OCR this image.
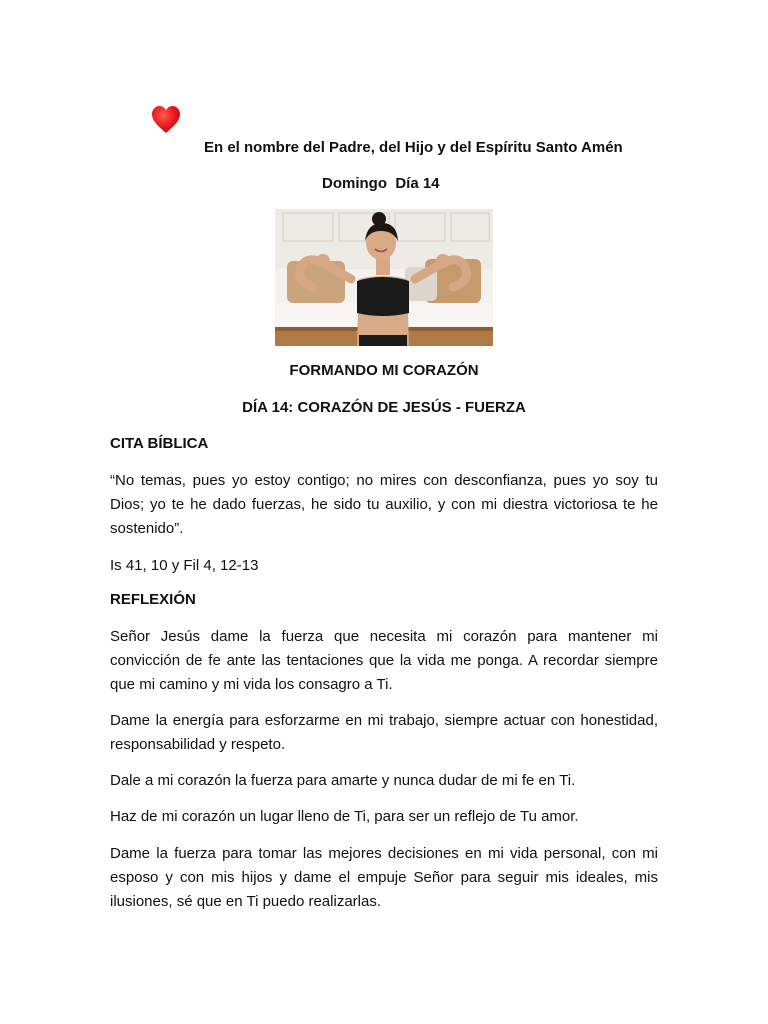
En el nombre del Padre, del Hijo y del Espíritu Santo Amén
Domingo  Día 14
FORMANDO MI CORAZÓN
DÍA 14: CORAZÓN DE JESÚS - FUERZA
CITA BÍBLICA
“No temas, pues yo estoy contigo; no mires con desconfianza, pues yo soy tu Dios; yo te he dado fuerzas, he sido tu auxilio, y con mi diestra victoriosa te he sostenido”.
Is 41, 10 y Fil 4, 12-13
REFLEXIÓN
Señor Jesús dame la fuerza que necesita mi corazón para mantener mi convicción de fe ante las tentaciones que la vida me ponga. A recordar siempre que mi camino y mi vida los consagro a Ti.
Dame la energía para esforzarme en mi trabajo, siempre actuar con honestidad, responsabilidad y respeto.
Dale a mi corazón la fuerza para amarte y nunca dudar de mi fe en Ti.
Haz de mi corazón un lugar lleno de Ti, para ser un reflejo de Tu amor.
Dame la fuerza para tomar las mejores decisiones en mi vida personal, con mi esposo y con mis hijos y dame el empuje Señor para seguir mis ideales, mis ilusiones, sé que en Ti puedo realizarlas.
